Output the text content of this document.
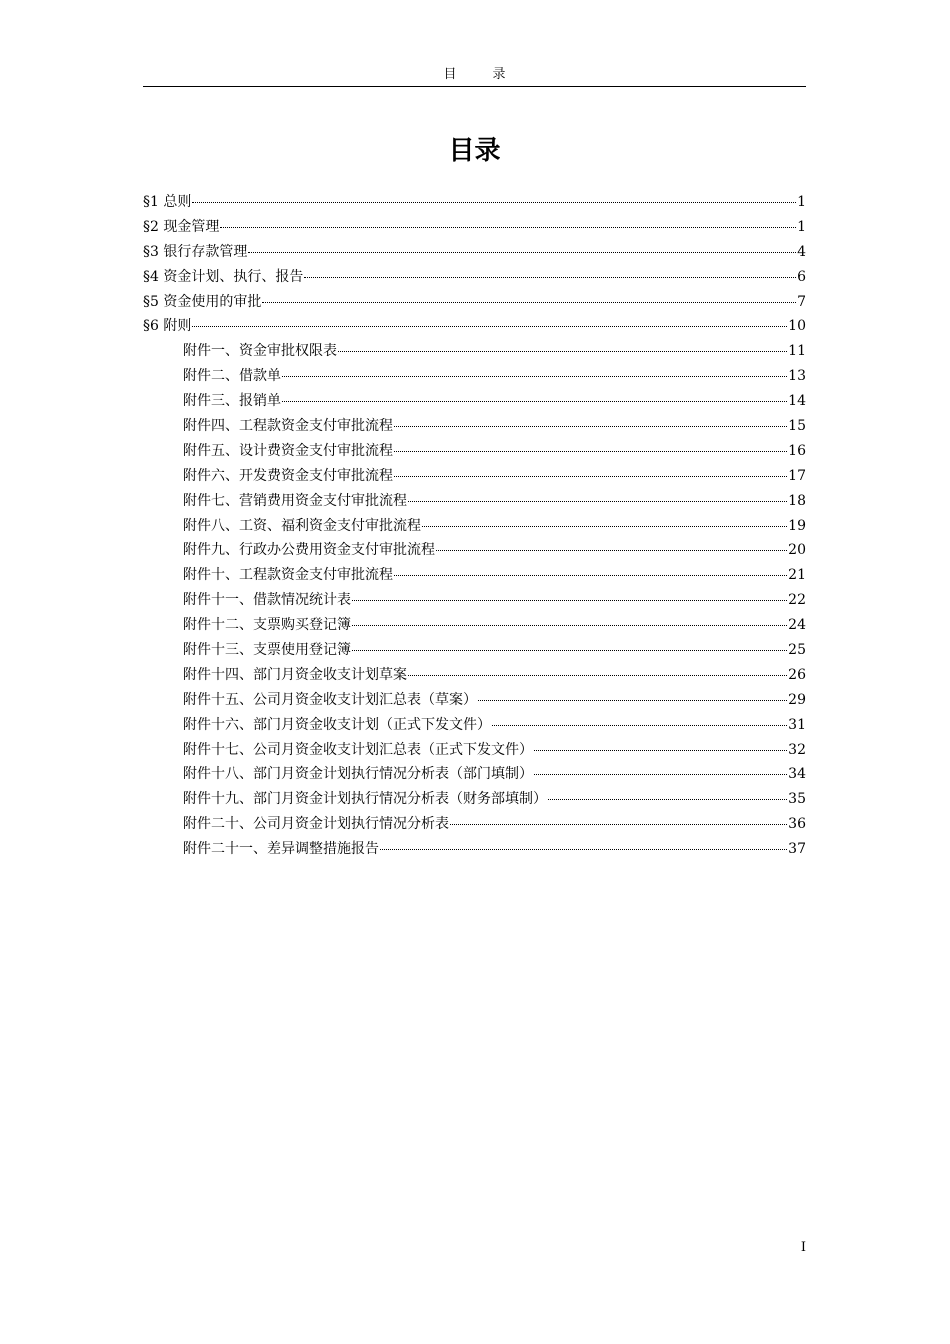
目录
目录
§1 总则	1
§2 现金管理	1
§3 银行存款管理	4
§4 资金计划、执行、报告	6
§5 资金使用的审批	7
§6 附则	10
附件一、资金审批权限表	11
附件二、借款单	13
附件三、报销单	14
附件四、工程款资金支付审批流程	15
附件五、设计费资金支付审批流程	16
附件六、开发费资金支付审批流程	17
附件七、营销费用资金支付审批流程	18
附件八、工资、福利资金支付审批流程	19
附件九、行政办公费用资金支付审批流程	20
附件十、工程款资金支付审批流程	21
附件十一、借款情况统计表	22
附件十二、支票购买登记簿	24
附件十三、支票使用登记簿	25
附件十四、部门月资金收支计划草案	26
附件十五、公司月资金收支计划汇总表（草案）	29
附件十六、部门月资金收支计划（正式下发文件）	31
附件十七、公司月资金收支计划汇总表（正式下发文件）	32
附件十八、部门月资金计划执行情况分析表（部门填制）	34
附件十九、部门月资金计划执行情况分析表（财务部填制）	35
附件二十、公司月资金计划执行情况分析表	36
附件二十一、差异调整措施报告	37
I
